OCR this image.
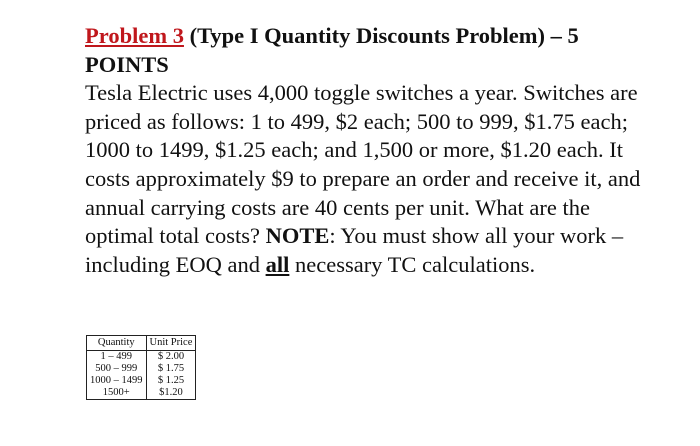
Problem 3 (Type I Quantity Discounts Problem) – 5 POINTS

Tesla Electric uses 4,000 toggle switches a year. Switches are priced as follows: 1 to 499, $2 each; 500 to 999, $1.75 each; 1000 to 1499, $1.25 each; and 1,500 or more, $1.20 each. It costs approximately $9 to prepare an order and receive it, and annual carrying costs are 40 cents per unit. What are the optimal total costs? NOTE: You must show all your work – including EOQ and all necessary TC calculations.

Quantity	Unit Price
1 – 499	$ 2.00
500 – 999	$ 1.75
1000 – 1499	$ 1.25
1500+	$1.20
